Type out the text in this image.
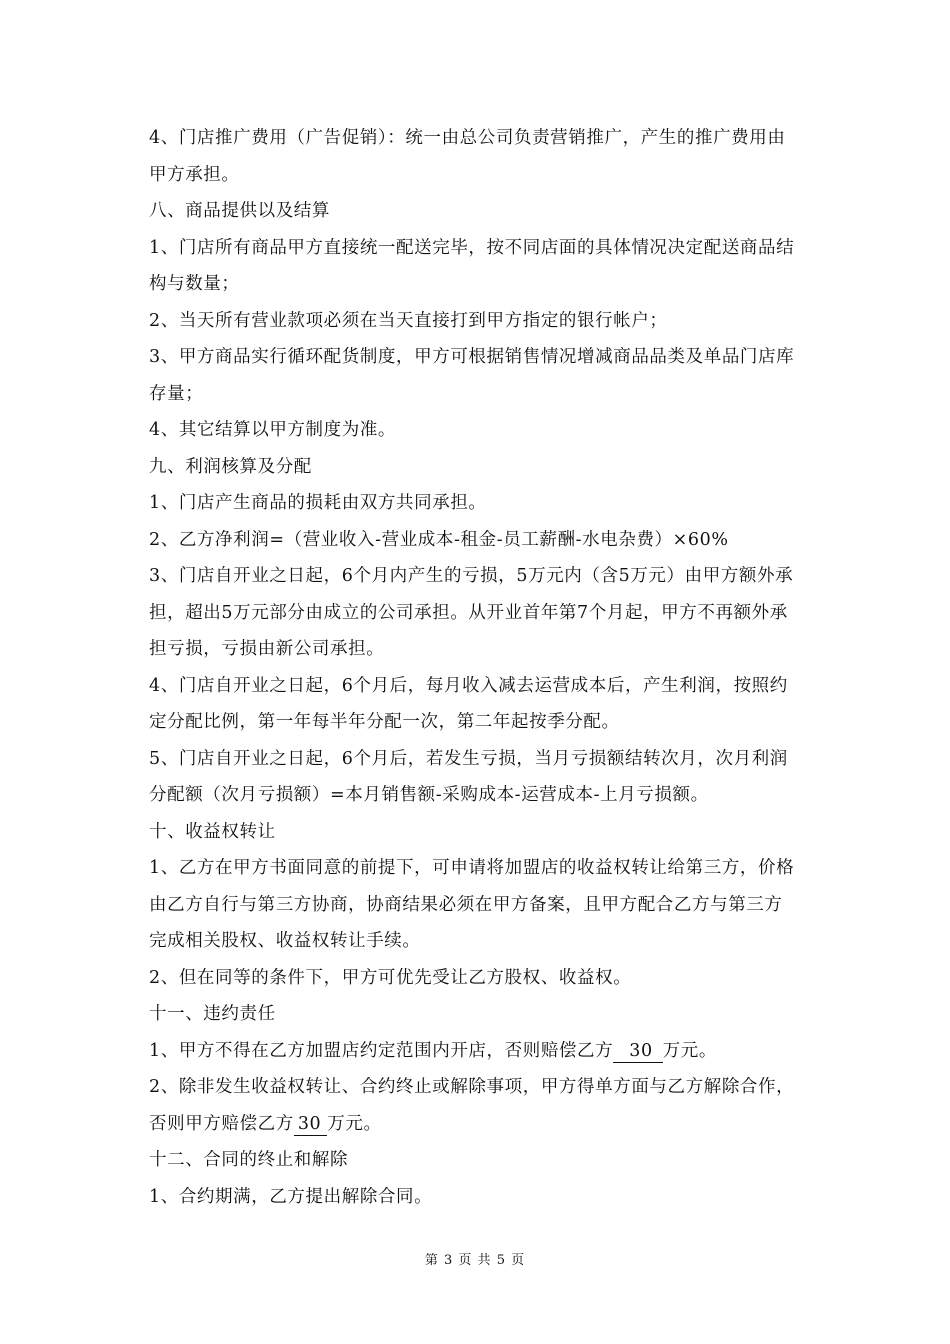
4、门店推广费用（广告促销）：统一由总公司负责营销推广，产生的推广费用由
甲方承担。
八、商品提供以及结算
1、门店所有商品甲方直接统一配送完毕，按不同店面的具体情况决定配送商品结
构与数量；
2、当天所有营业款项必须在当天直接打到甲方指定的银行帐户；
3、甲方商品实行循环配货制度，甲方可根据销售情况增减商品品类及单品门店库
存量；
4、其它结算以甲方制度为准。
九、利润核算及分配
1、门店产生商品的损耗由双方共同承担。
2、乙方净利润=（营业收入-营业成本-租金-员工薪酬-水电杂费）×60%
3、门店自开业之日起，6个月内产生的亏损，5万元内（含5万元）由甲方额外承
担，超出5万元部分由成立的公司承担。从开业首年第7个月起，甲方不再额外承
担亏损，亏损由新公司承担。
4、门店自开业之日起，6个月后，每月收入减去运营成本后，产生利润，按照约
定分配比例，第一年每半年分配一次，第二年起按季分配。
5、门店自开业之日起，6个月后，若发生亏损，当月亏损额结转次月，次月利润
分配额（次月亏损额）=本月销售额-采购成本-运营成本-上月亏损额。
十、收益权转让
1、乙方在甲方书面同意的前提下，可申请将加盟店的收益权转让给第三方，价格
由乙方自行与第三方协商，协商结果必须在甲方备案，且甲方配合乙方与第三方
完成相关股权、收益权转让手续。
2、但在同等的条件下，甲方可优先受让乙方股权、收益权。
十一、违约责任
1、甲方不得在乙方加盟店约定范围内开店，否则赔偿乙方 30 万元。
2、除非发生收益权转让、合约终止或解除事项，甲方得单方面与乙方解除合作，
否则甲方赔偿乙方 30 万元。
十二、合同的终止和解除
1、合约期满，乙方提出解除合同。
第 3 页 共 5 页
